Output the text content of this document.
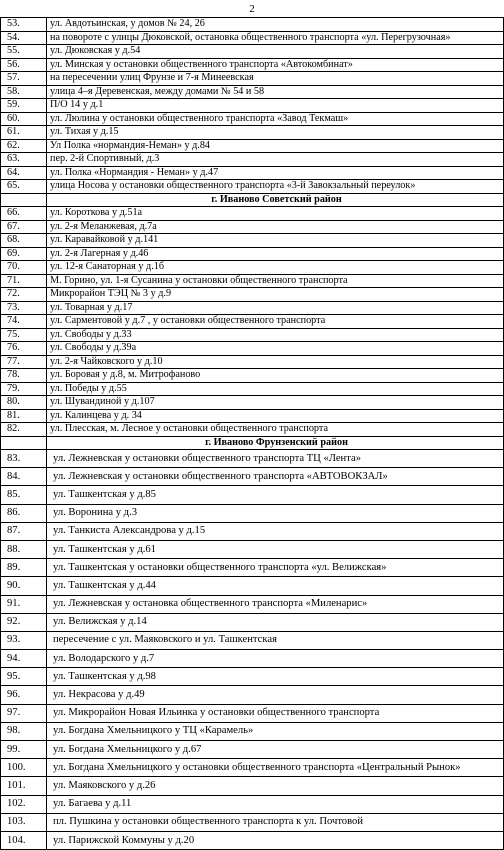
2
53.	ул. Авдотьинская, у домов № 24, 26
54.	на повороте с улицы Дюковской, остановка общественного транспорта «ул. Перегрузочная»
55.	ул. Дюковская у д.54
56.	ул. Минская у остановки общественного транспорта «Автокомбинат»
57.	на пересечении улиц Фрунзе и 7-я Минеевская
58.	улица 4–я Деревенская, между домами № 54 и 58
59.	П/О 14 у д.1
60.	ул. Люлина у остановки общественного транспорта «Завод Текмаш»
61.	ул. Тихая у д.15
62.	Ул Полка «нормандия-Неман» у д.84
63.	пер. 2-й Спортивный, д.3
64.	ул. Полка «Нормандия - Неман» у д.47
65.	улица Носова у остановки общественного транспорта «3-й Завокзальный переулок»
	г. Иваново Советский район
66.	ул. Короткова у д.51а
67.	ул. 2-я Меланжевая, д.7а
68.	ул. Каравайковой у д.141
69.	ул. 2-я Лагерная у д.46
70.	ул. 12-я Санаторная у д.1б
71.	М. Горино, ул. 1-я Сусанина у остановки общественного транспорта
72.	Микрорайон ТЭЦ № 3 у д.9
73.	ул. Товарная у д.17
74.	ул. Сарментовой у д.7 , у остановки общественного транспорта
75.	ул. Свободы у д.33
76.	ул. Свободы у д.39а
77.	ул. 2-я Чайковского у д.10
78.	ул. Боровая у д.8, м. Митрофаново
79.	ул. Победы у д.55
80.	ул. Шувандиной у д.107
81.	ул. Калинцева у д. 34
82.	ул. Плесская, м. Лесное у остановки общественного транспорта
	г. Иваново Фрунзенский район
83.	ул. Лежневская у остановки общественного транспорта ТЦ «Лента»
84.	ул. Лежневская у остановки общественного транспорта «АВТОВОКЗАЛ»
85.	ул. Ташкентская у д.85
86.	ул. Воронина у д.3
87.	ул. Танкиста Александрова у д.15
88.	ул. Ташкентская у д.61
89.	ул. Ташкентская у остановки общественного транспорта «ул. Велижская»
90.	ул. Ташкентская у д.44
91.	ул. Лежневская у остановка общественного транспорта «Миленарис»
92.	ул. Велижская у д.14
93.	пересечение с ул. Маяковского и ул. Ташкентская
94.	ул. Володарского у д.7
95.	ул. Ташкентская у д.98
96.	ул. Некрасова у д.49
97.	ул. Микрорайон Новая Ильинка у остановки общественного транспорта
98.	ул. Богдана Хмельницкого у ТЦ «Карамель»
99.	ул. Богдана Хмельницкого у д.67
100.	ул. Богдана Хмельницкого у остановки общественного транспорта «Центральный Рынок»
101.	ул. Маяковского у д.26
102.	ул. Багаева у д.11
103.	пл. Пушкина у остановки общественного транспорта к ул. Почтовой
104.	ул. Парижской Коммуны у д.20
